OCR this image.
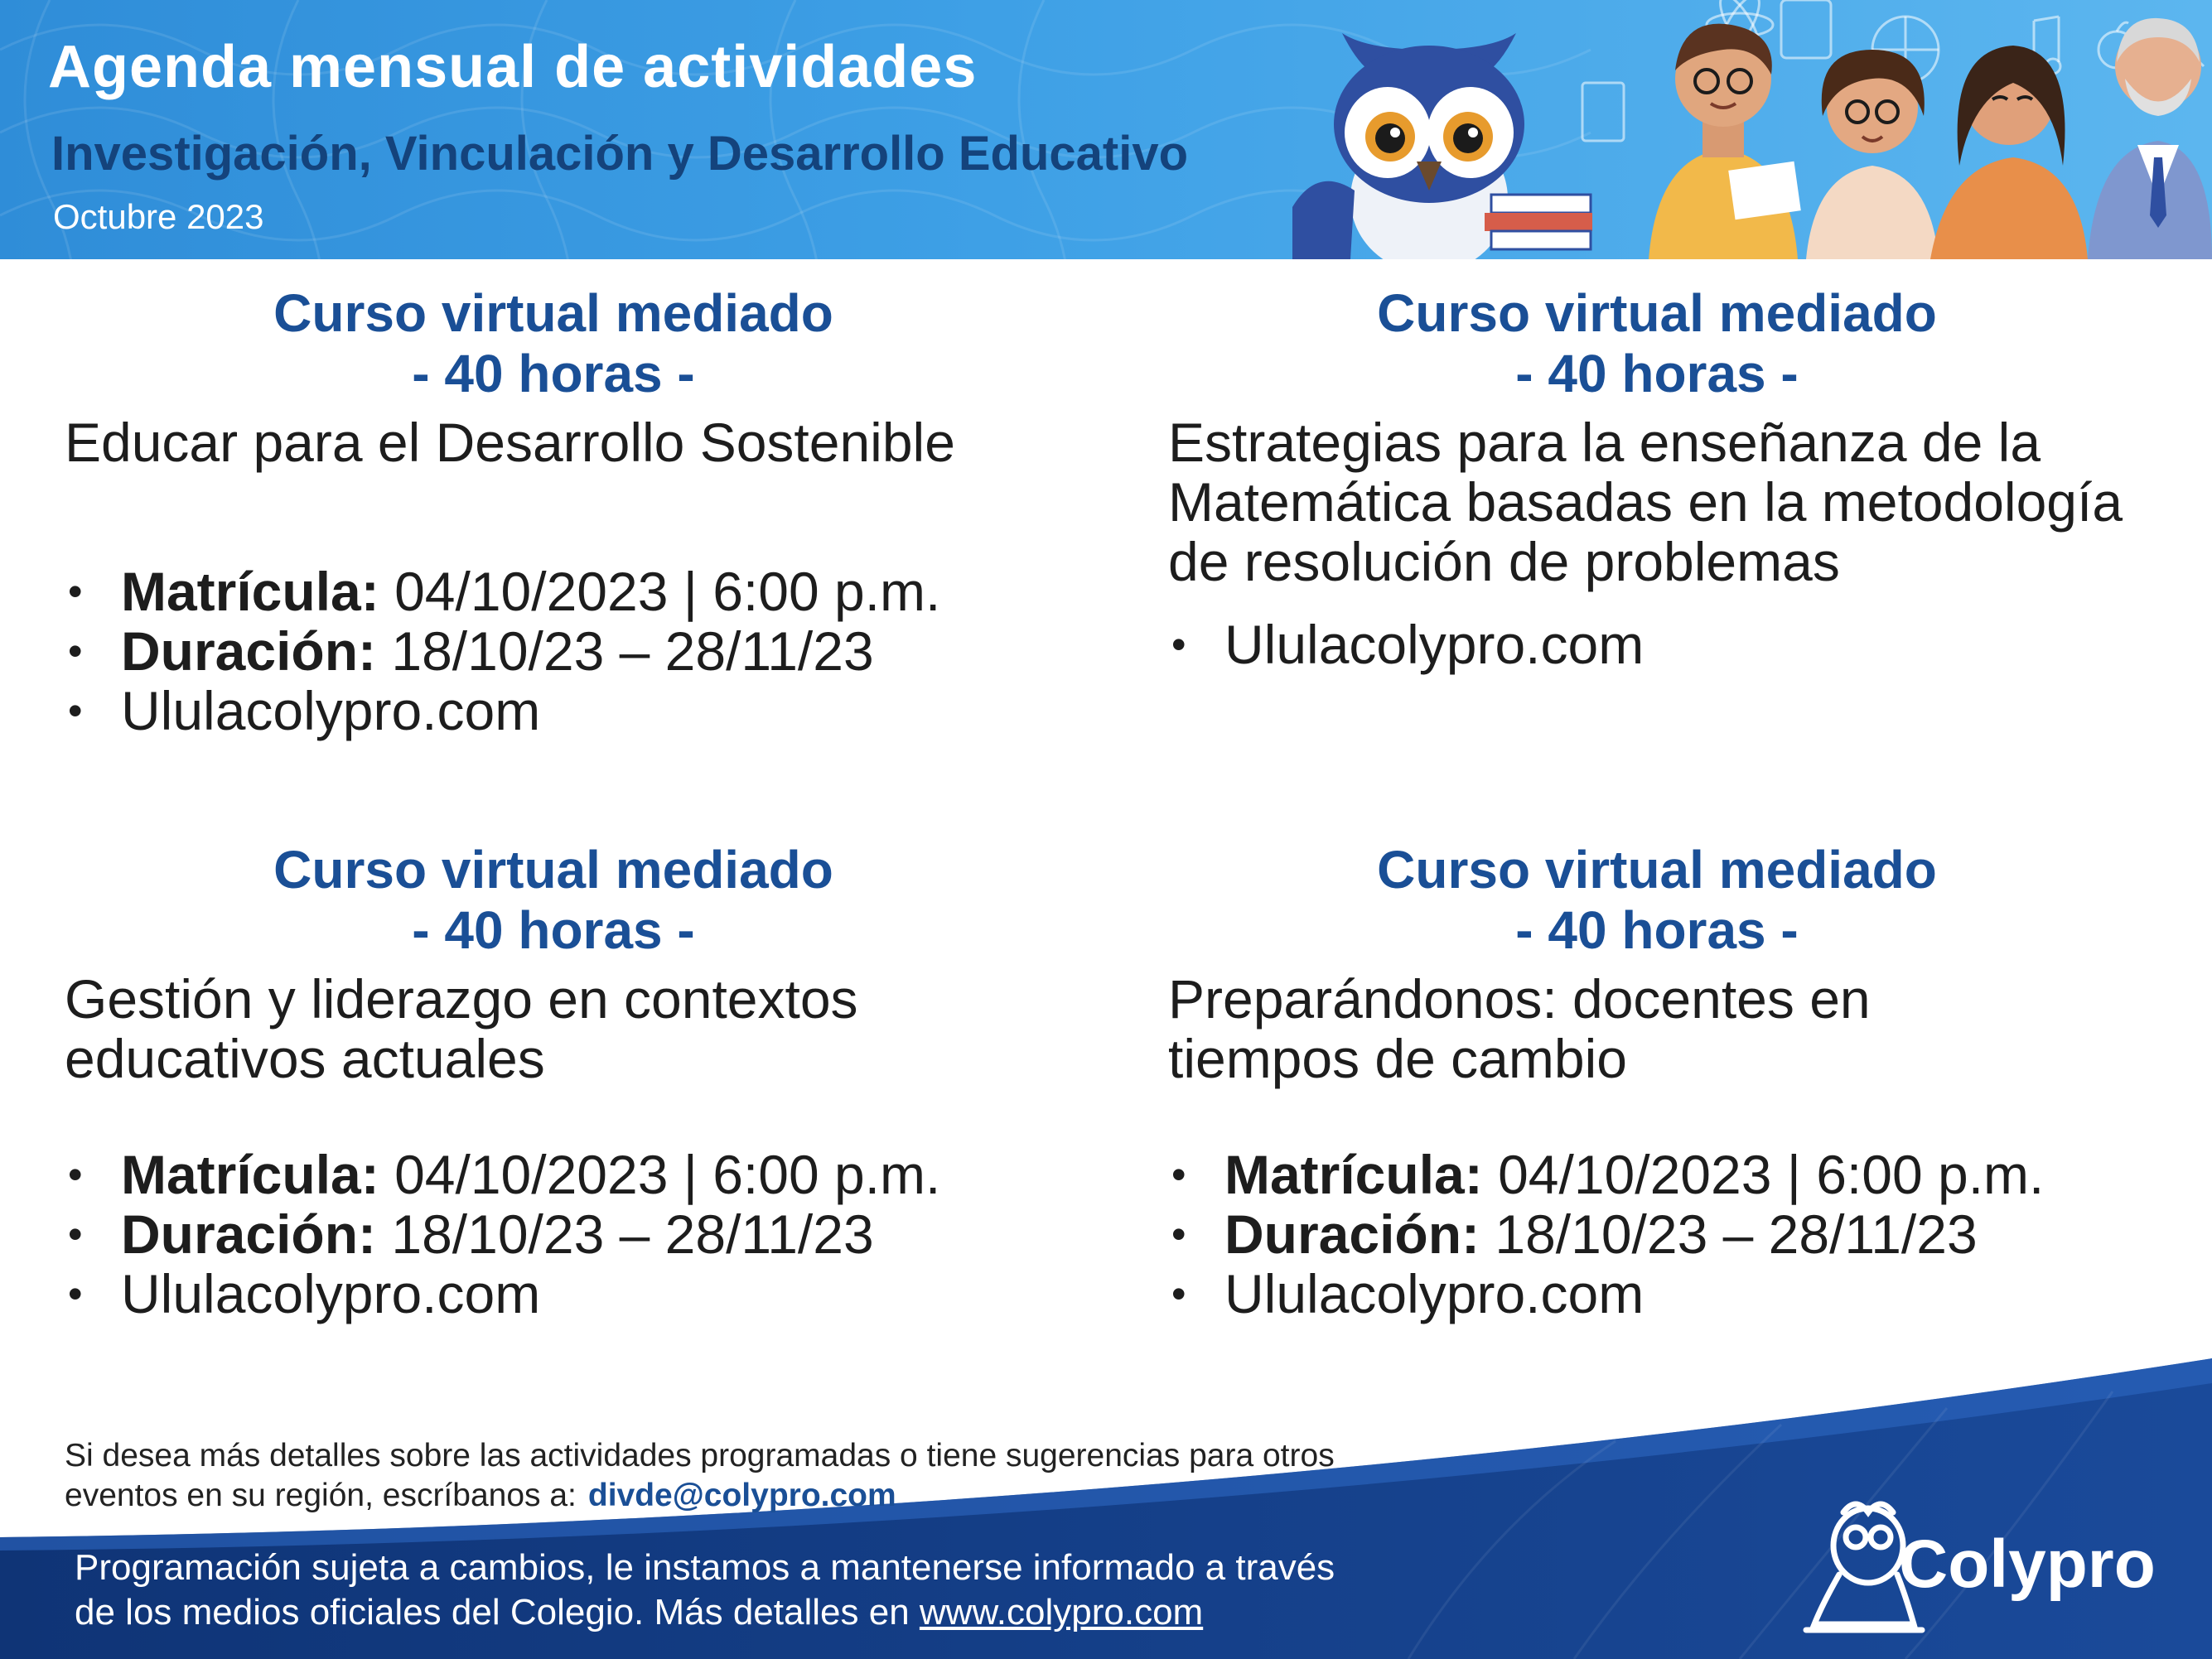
Agenda mensual de actividades
Investigación, Vinculación y Desarrollo Educativo

Octubre 2023

Curso virtual mediado
- 40 horas -
Educar para el Desarrollo Sostenible
• Matrícula: 04/10/2023 | 6:00 p.m.
• Duración: 18/10/23 – 28/11/23
• Ululacolypro.com
Curso virtual mediado
- 40 horas -
Estrategias para la enseñanza de la Matemática basadas en la metodología de resolución de problemas
• Ululacolypro.com
Curso virtual mediado
- 40 horas -
Gestión y liderazgo en contextos educativos actuales
• Matrícula: 04/10/2023 | 6:00 p.m.
• Duración: 18/10/23 – 28/11/23
• Ululacolypro.com
Curso virtual mediado
- 40 horas -
Preparándonos: docentes en tiempos de cambio
• Matrícula: 04/10/2023 | 6:00 p.m.
• Duración: 18/10/23 – 28/11/23
• Ululacolypro.com
Si desea más detalles sobre las actividades programadas o tiene sugerencias para otros
eventos en su región, escríbanos a: divde@colypro.com
Programación sujeta a cambios, le instamos a mantenerse informado a través
de los medios oficiales del Colegio. Más detalles en www.colypro.com
Colypro
